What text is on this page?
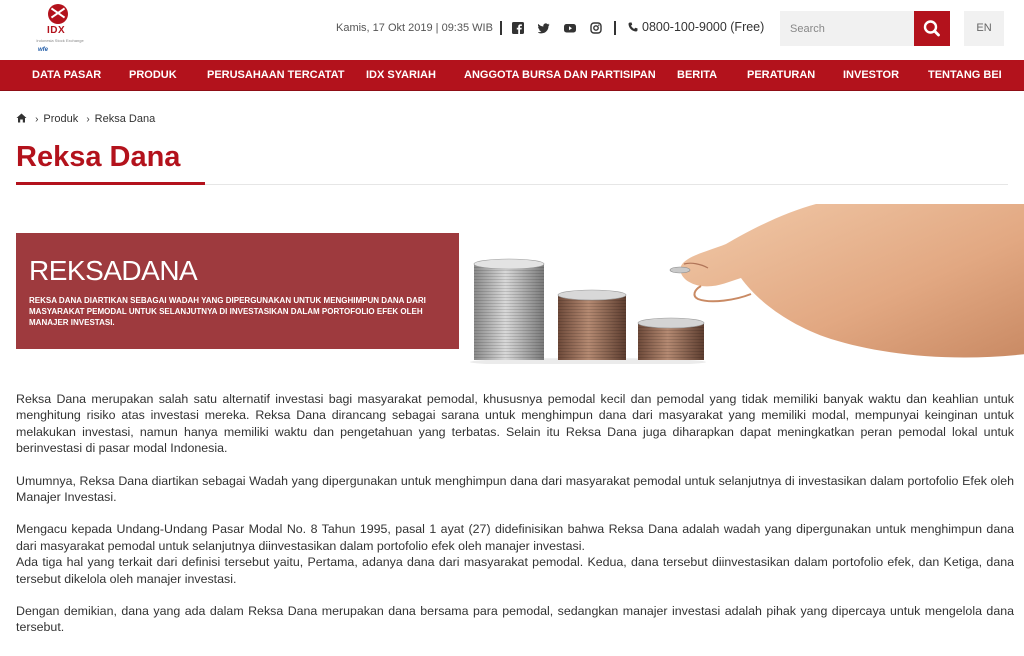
IDX
Indonesia Stock Exchange
wfe
Kamis, 17 Okt 2019 | 09:35 WIB	0800-100-9000 (Free)
Search	EN
DATA PASAR	PRODUK	PERUSAHAAN TERCATAT IDX SYARIAH	ANGGOTA BURSA DAN PARTISIPAN BERITA	PERATURAN	INVESTOR	TENTANG BEI
› Produk › Reksa Dana
Reksa Dana
REKSADANA
REKSA DANA DIARTIKAN SEBAGAI WADAH YANG DIPERGUNAKAN UNTUK MENGHIMPUN DANA DARI MASYARAKAT PEMODAL UNTUK SELANJUTNYA DI INVESTASIKAN DALAM PORTOFOLIO EFEK OLEH MANAJER INVESTASI.

Reksa Dana merupakan salah satu alternatif investasi bagi masyarakat pemodal, khususnya pemodal kecil dan pemodal yang tidak memiliki banyak waktu dan keahlian untuk menghitung risiko atas investasi mereka. Reksa Dana dirancang sebagai sarana untuk menghimpun dana dari masyarakat yang memiliki modal, mempunyai keinginan untuk melakukan investasi, namun hanya memiliki waktu dan pengetahuan yang terbatas. Selain itu Reksa Dana juga diharapkan dapat meningkatkan peran pemodal lokal untuk berinvestasi di pasar modal Indonesia.

Umumnya, Reksa Dana diartikan sebagai Wadah yang dipergunakan untuk menghimpun dana dari masyarakat pemodal untuk selanjutnya di investasikan dalam portofolio Efek oleh Manajer Investasi.

Mengacu kepada Undang-Undang Pasar Modal No. 8 Tahun 1995, pasal 1 ayat (27) didefinisikan bahwa Reksa Dana adalah wadah yang dipergunakan untuk menghimpun dana dari masyarakat pemodal untuk selanjutnya diinvestasikan dalam portofolio efek oleh manajer investasi.

Ada tiga hal yang terkait dari definisi tersebut yaitu, Pertama, adanya dana dari masyarakat pemodal. Kedua, dana tersebut diinvestasikan dalam portofolio efek, dan Ketiga, dana tersebut dikelola oleh manajer investasi.

Dengan demikian, dana yang ada dalam Reksa Dana merupakan dana bersama para pemodal, sedangkan manajer investasi adalah pihak yang dipercaya untuk mengelola dana tersebut.
